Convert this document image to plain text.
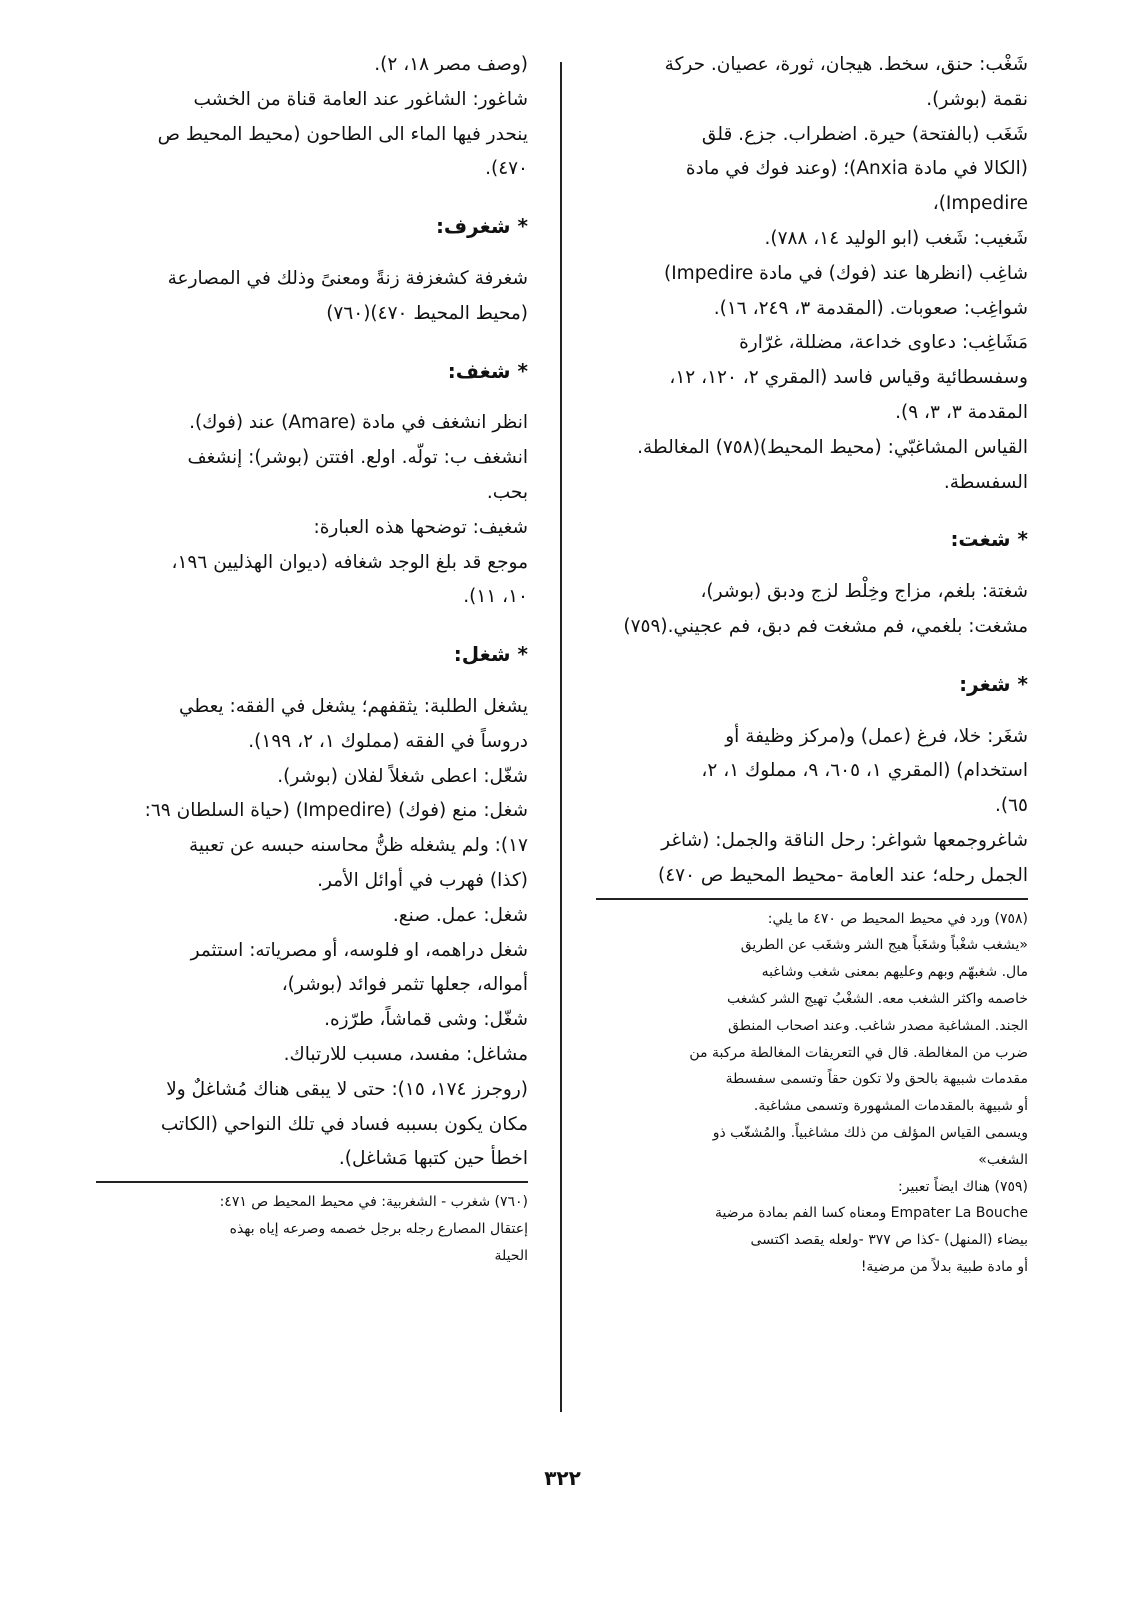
شَغْب: حنق، سخط. هيجان، ثورة، عصيان. حركة
نقمة (بوشر).
شَغَب (بالفتحة) حيرة. اضطراب. جزع. قلق
(الكالا في مادة Anxia)؛ (وعند فوك في مادة
Impedire)،
شَغيب: شَغب (ابو الوليد ١٤، ٧٨٨).
شاغِب (انظرها عند (فوك) في مادة Impedire)
شواغِب: صعوبات. (المقدمة ٣، ٢٤٩، ١٦).
مَشَاغِب: دعاوى خداعة، مضللة، غرّارة
وسفسطائية وقياس فاسد (المقري ٢، ١٢٠، ١٢،
المقدمة ٣، ٣، ٩).
القياس المشاغبّي: (محيط المحيط)(٧٥٨) المغالطة.
السفسطة.
* شغت:
شغتة: بلغم، مزاج وخِلْط لزج ودبق (بوشر)،
مشغت: بلغمي، فم مشغت فم دبق، فم عجيني.(٧٥٩)
* شغر:
شغَر: خلا، فرغ (عمل) و(مركز وظيفة أو
استخدام) (المقري ١، ٦٠٥، ٩، مملوك ١، ٢،
٦٥).
شاغروجمعها شواغر: رحل الناقة والجمل: (شاغر
الجمل رحله؛ عند العامة -محيط المحيط ص ٤٧٠)
(٧٥٨) ورد في محيط المحيط ص ٤٧٠ ما يلي:
«يشغب شغْباً وشغَباً هيج الشر وشغَب عن الطريق
مال. شغبهّم وبهم وعليهم بمعنى شغب وشاغبه
خاصمه واكثر الشغب معه. الشغْبُ تهيج الشر كشغب
الجند. المشاغبة مصدر شاغب. وعند اصحاب المنطق
ضرب من المغالطة. قال في التعريفات المغالطة مركبة من
مقدمات شبيهة بالحق ولا تكون حقاً وتسمى سفسطة
أو شبيهة بالمقدمات المشهورة وتسمى مشاغبة.
ويسمى القياس المؤلف من ذلك مشاغبياً. والمُشغّب ذو
الشغب»
(٧٥٩) هناك ايضاً تعبير:
Empater La Bouche ومعناه كسا الفم بمادة مرضية
بيضاء (المنهل) -كذا ص ٣٧٧ -ولعله يقصد اكتسى
أو مادة طبية بدلاً من مرضية!
(وصف مصر ١٨، ٢).
شاغور: الشاغور عند العامة قناة من الخشب
ينحدر فيها الماء الى الطاحون (محيط المحيط ص
٤٧٠).
* شغرف:
شغرفة كشغزفة زنةً ومعنىً وذلك في المصارعة
(محيط المحيط ٤٧٠)(٧٦٠)
* شغف:
انظر انشغف في مادة (Amare) عند (فوك).
انشغف ب: تولّه. اولع. افتتن (بوشر): إنشغف
بحب.
شغيف: توضحها هذه العبارة:
موجع قد بلغ الوجد شغافه (ديوان الهذليين ١٩٦،
١٠، ١١).
* شغل:
يشغل الطلبة: يثقفهم؛ يشغل في الفقه: يعطي
دروساً في الفقه (مملوك ١، ٢، ١٩٩).
شغّل: اعطى شغلاً لفلان (بوشر).
شغل: منع (فوك) (Impedire) (حياة السلطان ٦٩:
١٧): ولم يشغله ظنُّ محاسنه حبسه عن تعبية
(كذا) فهرب في أوائل الأمر.
شغل: عمل. صنع.
شغل دراهمه، او فلوسه، أو مصرياته: استثمر
أمواله، جعلها تثمر فوائد (بوشر)،
شغّل: وشى قماشاً، طرّزه.
مشاغل: مفسد، مسبب للارتباك.
(روجرز ١٧٤، ١٥): حتى لا يبقى هناك مُشاغلٌ ولا
مكان يكون بسببه فساد في تلك النواحي (الكاتب
اخطأ حين كتبها مَشاغل).
(٧٦٠) شغرب - الشغربية: في محيط المحيط ص ٤٧١:
إعتقال المصارع رجله برجل خصمه وصرعه إياه بهذه
الحيلة
٣٢٢
